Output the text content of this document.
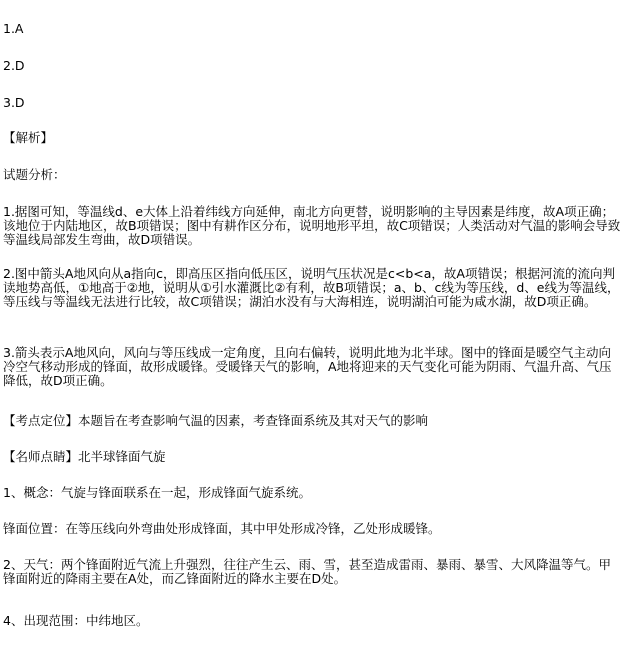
1.A
2.D
3.D
【解析】
试题分析：
1.据图可知，等温线d、e大体上沿着纬线方向延伸，南北方向更替，说明影响的主导因素是纬度，故A项正确；该地位于内陆地区，故B项错误；图中有耕作区分布，说明地形平坦，故C项错误；人类活动对气温的影响会导致等温线局部发生弯曲，故D项错误。
2.图中箭头A地风向从a指向c，即高压区指向低压区，说明气压状况是c<b<a，故A项错误；根据河流的流向判读地势高低，①地高于②地，说明从①引水灌溉比②有利，故B项错误；a、b、c线为等压线，d、e线为等温线，等压线与等温线无法进行比较，故C项错误；湖泊水没有与大海相连，说明湖泊可能为咸水湖，故D项正确。
3.箭头表示A地风向，风向与等压线成一定角度，且向右偏转，说明此地为北半球。图中的锋面是暖空气主动向冷空气移动形成的锋面，故形成暖锋。受暖锋天气的影响，A地将迎来的天气变化可能为阴雨、气温升高、气压降低，故D项正确。
【考点定位】本题旨在考查影响气温的因素，考查锋面系统及其对天气的影响
【名师点睛】北半球锋面气旋
1、概念：气旋与锋面联系在一起，形成锋面气旋系统。
锋面位置：在等压线向外弯曲处形成锋面，其中甲处形成冷锋，乙处形成暖锋。
2、天气：两个锋面附近气流上升强烈，往往产生云、雨、雪，甚至造成雷雨、暴雨、暴雪、大风降温等气。甲锋面附近的降雨主要在A处，而乙锋面附近的降水主要在D处。
4、出现范围：中纬地区。
